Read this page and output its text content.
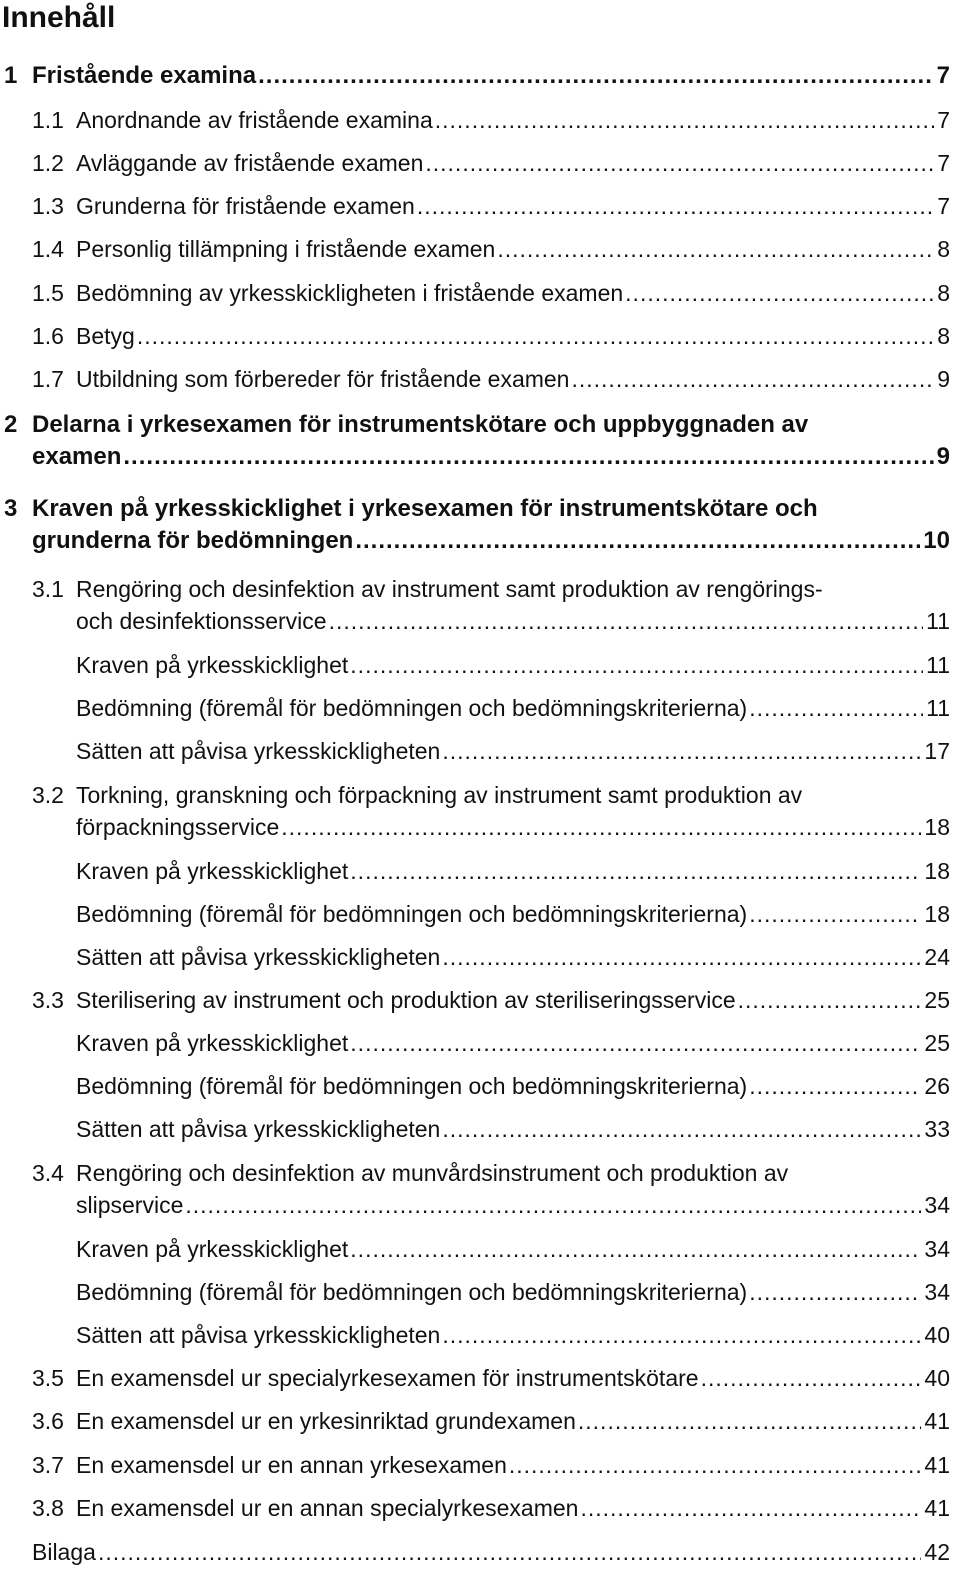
Innehåll
1 Fristående examina .....	7
1.1 Anordnande av fristående examina .....	7
1.2 Avläggande av fristående examen .....	7
1.3 Grunderna för fristående examen .....	7
1.4 Personlig tillämpning i fristående examen .....	8
1.5 Bedömning av yrkesskickligheten i fristående examen .....	8
1.6 Betyg .....	8
1.7 Utbildning som förbereder för fristående examen .....	9
2 Delarna i yrkesexamen för instrumentskötare och uppbyggnaden av
examen .....	9
3 Kraven på yrkesskicklighet i yrkesexamen för instrumentskötare och
grunderna för bedömningen .....	10
3.1 Rengöring och desinfektion av instrument samt produktion av rengörings-
och desinfektionsservice .....	11
Kraven på yrkesskicklighet .....	11
Bedömning (föremål för bedömningen och bedömningskriterierna) .....	11
Sätten att påvisa yrkesskickligheten .....	17
3.2 Torkning, granskning och förpackning av instrument samt produktion av
förpackningsservice .....	18
Kraven på yrkesskicklighet .....	18
Bedömning (föremål för bedömningen och bedömningskriterierna) .....	18
Sätten att påvisa yrkesskickligheten .....	24
3.3 Sterilisering av instrument och produktion av steriliseringsservice .....	25
Kraven på yrkesskicklighet .....	25
Bedömning (föremål för bedömningen och bedömningskriterierna) .....	26
Sätten att påvisa yrkesskickligheten .....	33
3.4 Rengöring och desinfektion av munvårdsinstrument och produktion av
slipservice .....	34
Kraven på yrkesskicklighet .....	34
Bedömning (föremål för bedömningen och bedömningskriterierna) .....	34
Sätten att påvisa yrkesskickligheten .....	40
3.5 En examensdel ur specialyrkesexamen för instrumentskötare .....	40
3.6 En examensdel ur en yrkesinriktad grundexamen .....	41
3.7 En examensdel ur en annan yrkesexamen .....	41
3.8 En examensdel ur en annan specialyrkesexamen .....	41
Bilaga .....	42
